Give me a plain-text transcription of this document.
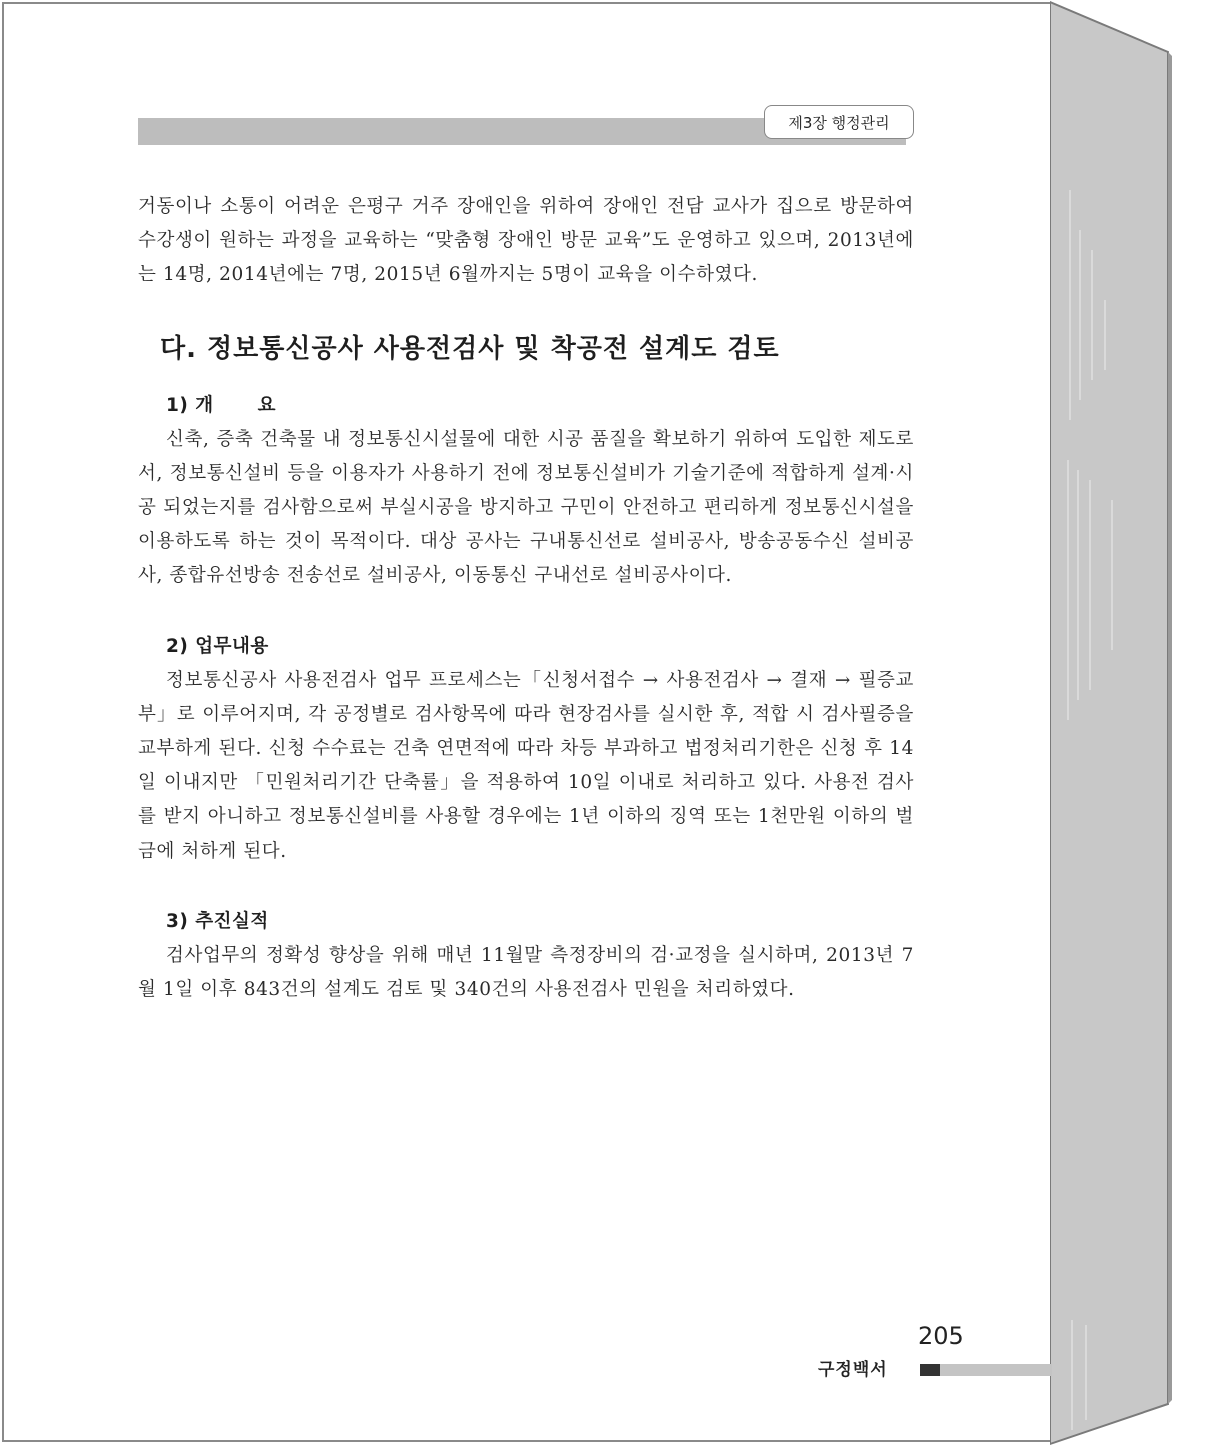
제3장 행정관리

거동이나 소통이 어려운 은평구 거주 장애인을 위하여 장애인 전담 교사가 집으로 방문하여 수강생이 원하는 과정을 교육하는 “맞춤형 장애인 방문 교육”도 운영하고 있으며, 2013년에는 14명, 2014년에는 7명, 2015년 6월까지는 5명이 교육을 이수하였다.

다. 정보통신공사 사용전검사 및 착공전 설계도 검토

1) 개 요

신축, 증축 건축물 내 정보통신시설물에 대한 시공 품질을 확보하기 위하여 도입한 제도로서, 정보통신설비 등을 이용자가 사용하기 전에 정보통신설비가 기술기준에 적합하게 설계·시공 되었는지를 검사함으로써 부실시공을 방지하고 구민이 안전하고 편리하게 정보통신시설을 이용하도록 하는 것이 목적이다. 대상 공사는 구내통신선로 설비공사, 방송공동수신 설비공사, 종합유선방송 전송선로 설비공사, 이동통신 구내선로 설비공사이다.

2) 업무내용

정보통신공사 사용전검사 업무 프로세스는「신청서접수 → 사용전검사 → 결재 → 필증교부」로 이루어지며, 각 공정별로 검사항목에 따라 현장검사를 실시한 후, 적합 시 검사필증을 교부하게 된다. 신청 수수료는 건축 연면적에 따라 차등 부과하고 법정처리기한은 신청 후 14일 이내지만 「민원처리기간 단축률」을 적용하여 10일 이내로 처리하고 있다. 사용전 검사를 받지 아니하고 정보통신설비를 사용할 경우에는 1년 이하의 징역 또는 1천만원 이하의 벌금에 처하게 된다.

3) 추진실적

검사업무의 정확성 향상을 위해 매년 11월말 측정장비의 검·교정을 실시하며, 2013년 7월 1일 이후 843건의 설계도 검토 및 340건의 사용전검사 민원을 처리하였다.

205
구정백서
